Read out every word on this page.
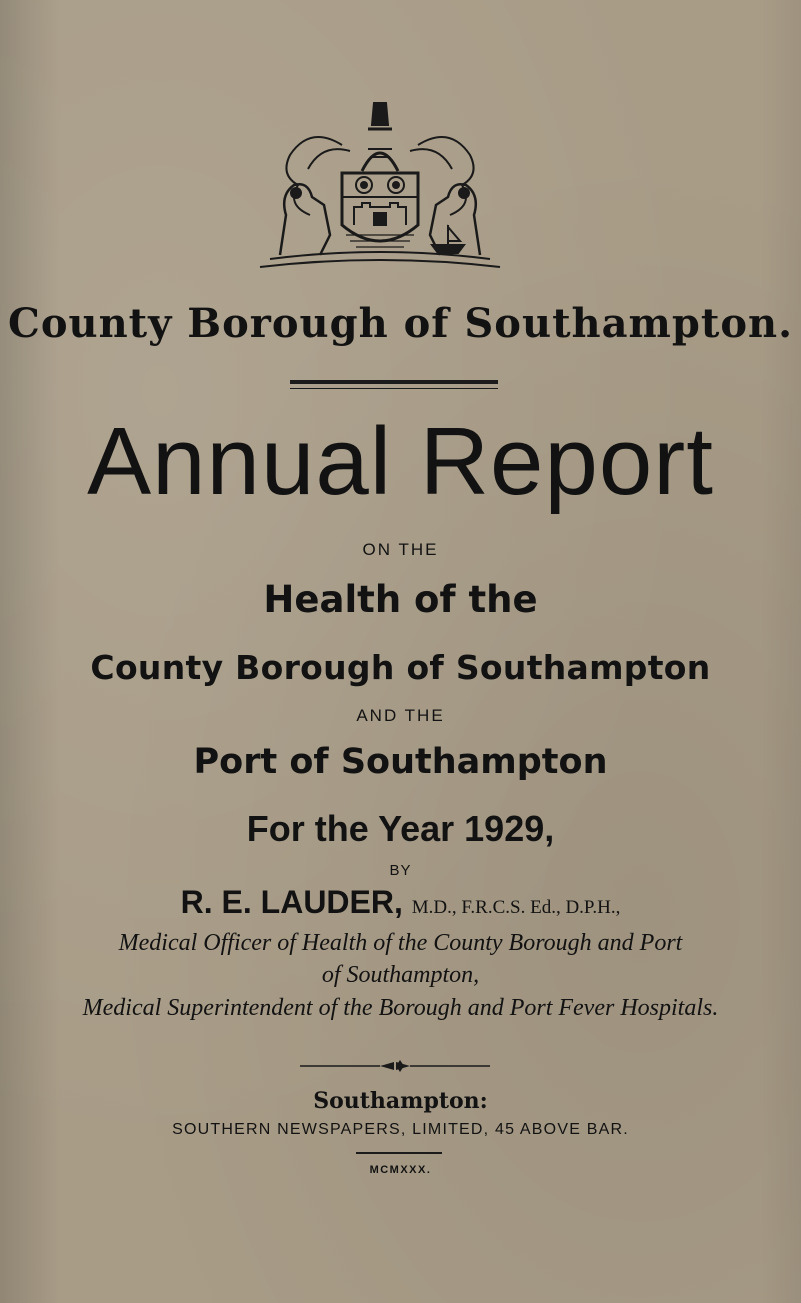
County Borough of Southampton.
Annual Report
ON THE
Health of the
County Borough of Southampton
AND THE
Port of Southampton
For the Year 1929,
BY
R. E. LAUDER, M.D., F.R.C.S. Ed., D.P.H.,
Medical Officer of Health of the County Borough and Port
of Southampton,
Medical Superintendent of the Borough and Port Fever Hospitals.
Southampton:
SOUTHERN NEWSPAPERS, LIMITED, 45 ABOVE BAR.
MCMXXX.
